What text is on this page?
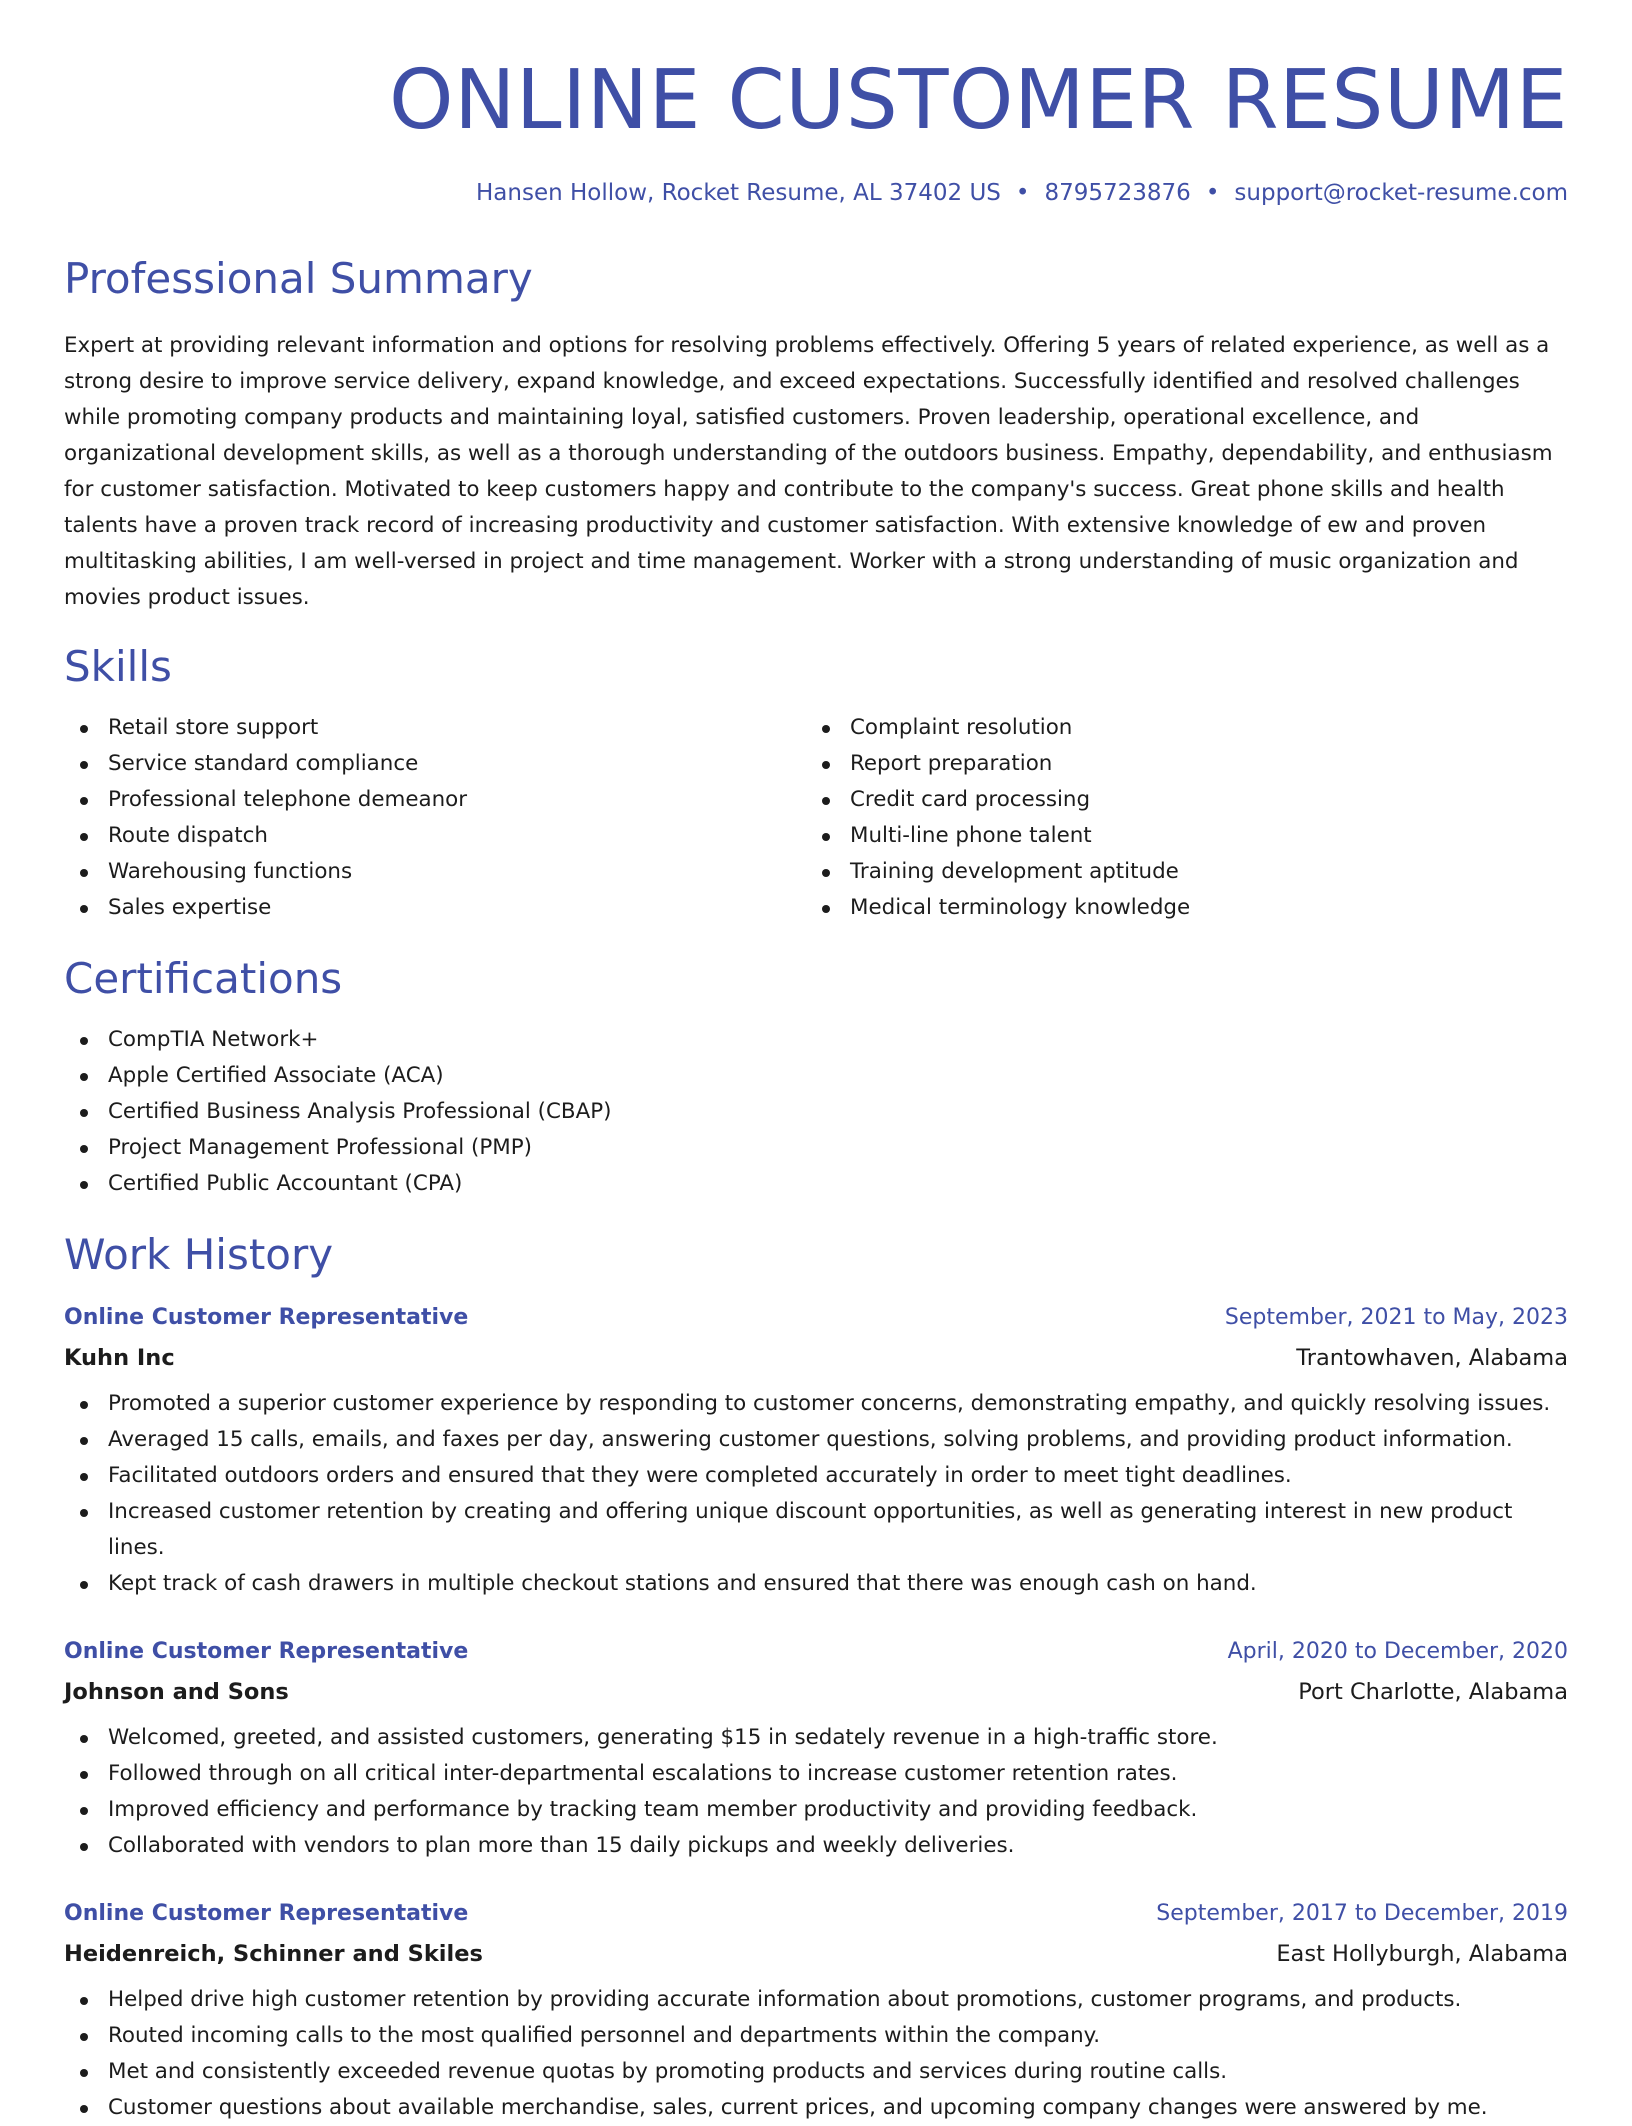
ONLINE CUSTOMER RESUME
Hansen Hollow, Rocket Resume, AL 37402 US • 8795723876 • support@rocket-resume.com
Professional Summary
Expert at providing relevant information and options for resolving problems effectively. Offering 5 years of related experience, as well as a strong desire to improve service delivery, expand knowledge, and exceed expectations. Successfully identified and resolved challenges while promoting company products and maintaining loyal, satisfied customers. Proven leadership, operational excellence, and organizational development skills, as well as a thorough understanding of the outdoors business. Empathy, dependability, and enthusiasm for customer satisfaction. Motivated to keep customers happy and contribute to the company's success. Great phone skills and health talents have a proven track record of increasing productivity and customer satisfaction. With extensive knowledge of ew and proven multitasking abilities, I am well-versed in project and time management. Worker with a strong understanding of music organization and movies product issues.
Skills
Retail store support
Service standard compliance
Professional telephone demeanor
Route dispatch
Warehousing functions
Sales expertise
Complaint resolution
Report preparation
Credit card processing
Multi-line phone talent
Training development aptitude
Medical terminology knowledge
Certifications
CompTIA Network+
Apple Certified Associate (ACA)
Certified Business Analysis Professional (CBAP)
Project Management Professional (PMP)
Certified Public Accountant (CPA)
Work History
Online Customer Representative	September, 2021 to May, 2023
Kuhn Inc	Trantowhaven, Alabama
Promoted a superior customer experience by responding to customer concerns, demonstrating empathy, and quickly resolving issues.
Averaged 15 calls, emails, and faxes per day, answering customer questions, solving problems, and providing product information.
Facilitated outdoors orders and ensured that they were completed accurately in order to meet tight deadlines.
Increased customer retention by creating and offering unique discount opportunities, as well as generating interest in new product lines.
Kept track of cash drawers in multiple checkout stations and ensured that there was enough cash on hand.
Online Customer Representative	April, 2020 to December, 2020
Johnson and Sons	Port Charlotte, Alabama
Welcomed, greeted, and assisted customers, generating $15 in sedately revenue in a high-traffic store.
Followed through on all critical inter-departmental escalations to increase customer retention rates.
Improved efficiency and performance by tracking team member productivity and providing feedback.
Collaborated with vendors to plan more than 15 daily pickups and weekly deliveries.
Online Customer Representative	September, 2017 to December, 2019
Heidenreich, Schinner and Skiles	East Hollyburgh, Alabama
Helped drive high customer retention by providing accurate information about promotions, customer programs, and products.
Routed incoming calls to the most qualified personnel and departments within the company.
Met and consistently exceeded revenue quotas by promoting products and services during routine calls.
Customer questions about available merchandise, sales, current prices, and upcoming company changes were answered by me.
